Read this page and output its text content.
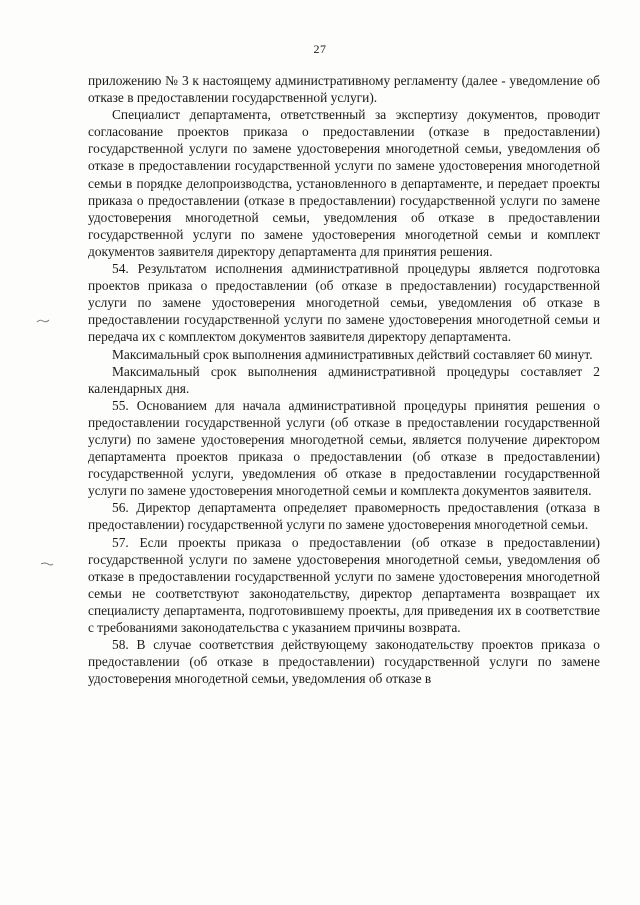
27

приложению № 3 к настоящему административному регламенту (далее - уведомление об отказе в предоставлении государственной услуги).

Специалист департамента, ответственный за экспертизу документов, проводит согласование проектов приказа о предоставлении (отказе в предоставлении) государственной услуги по замене удостоверения многодетной семьи, уведомления об отказе в предоставлении государственной услуги по замене удостоверения многодетной семьи в порядке делопроизводства, установленного в департаменте, и передает проекты приказа о предоставлении (отказе в предоставлении) государственной услуги по замене удостоверения многодетной семьи, уведомления об отказе в предоставлении государственной услуги по замене удостоверения многодетной семьи и комплект документов заявителя директору департамента для принятия решения.

54. Результатом исполнения административной процедуры является подготовка проектов приказа о предоставлении (об отказе в предоставлении) государственной услуги по замене удостоверения многодетной семьи, уведомления об отказе в предоставлении государственной услуги по замене удостоверения многодетной семьи и передача их с комплектом документов заявителя директору департамента.

Максимальный срок выполнения административных действий составляет 60 минут.

Максимальный срок выполнения административной процедуры составляет 2 календарных дня.

55. Основанием для начала административной процедуры принятия решения о предоставлении государственной услуги (об отказе в предоставлении государственной услуги) по замене удостоверения многодетной семьи, является получение директором департамента проектов приказа о предоставлении (об отказе в предоставлении) государственной услуги, уведомления об отказе в предоставлении государственной услуги по замене удостоверения многодетной семьи и комплекта документов заявителя.

56. Директор департамента определяет правомерность предоставления (отказа в предоставлении) государственной услуги по замене удостоверения многодетной семьи.

57. Если проекты приказа о предоставлении (об отказе в предоставлении) государственной услуги по замене удостоверения многодетной семьи, уведомления об отказе в предоставлении государственной услуги по замене удостоверения многодетной семьи не соответствуют законодательству, директор департамента возвращает их специалисту департамента, подготовившему проекты, для приведения их в соответствие с требованиями законодательства с указанием причины возврата.

58. В случае соответствия действующему законодательству проектов приказа о предоставлении (об отказе в предоставлении) государственной услуги по замене удостоверения многодетной семьи, уведомления об отказе в
